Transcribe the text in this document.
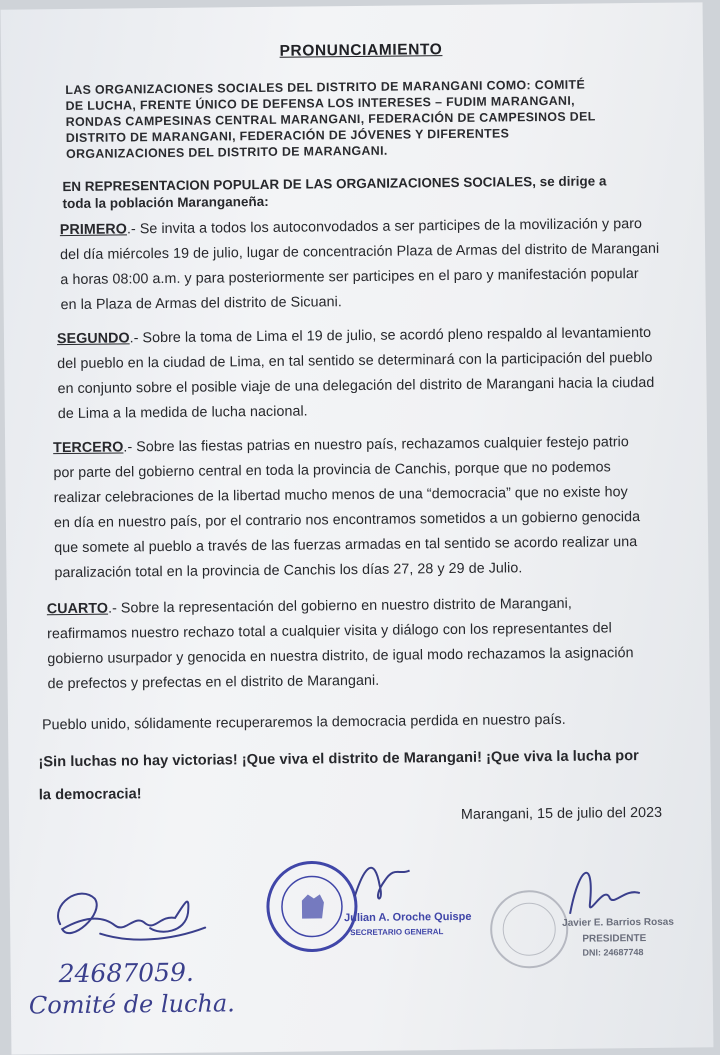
PRONUNCIAMIENTO
LAS ORGANIZACIONES SOCIALES DEL DISTRITO DE MARANGANI COMO: COMITÉ
DE LUCHA, FRENTE ÚNICO DE DEFENSA LOS INTERESES – FUDIM MARANGANI,
RONDAS CAMPESINAS CENTRAL MARANGANI, FEDERACIÓN DE CAMPESINOS DEL
DISTRITO DE MARANGANI, FEDERACIÓN DE JÓVENES Y DIFERENTES
ORGANIZACIONES DEL DISTRITO DE MARANGANI.
EN REPRESENTACION POPULAR DE LAS ORGANIZACIONES SOCIALES, se dirige a
toda la población Maranganeña:
PRIMERO.- Se invita a todos los autoconvodados a ser participes de la movilización y paro
del día miércoles 19 de julio, lugar de concentración Plaza de Armas del distrito de Marangani
a horas 08:00 a.m. y para posteriormente ser participes en el paro y manifestación popular
en la Plaza de Armas del distrito de Sicuani.
SEGUNDO.- Sobre la toma de Lima el 19 de julio, se acordó pleno respaldo al levantamiento
del pueblo en la ciudad de Lima, en tal sentido se determinará con la participación del pueblo
en conjunto sobre el posible viaje de una delegación del distrito de Marangani hacia la ciudad
de Lima a la medida de lucha nacional.
TERCERO.- Sobre las fiestas patrias en nuestro país, rechazamos cualquier festejo patrio
por parte del gobierno central en toda la provincia de Canchis, porque que no podemos
realizar celebraciones de la libertad mucho menos de una “democracia” que no existe hoy
en día en nuestro país, por el contrario nos encontramos sometidos a un gobierno genocida
que somete al pueblo a través de las fuerzas armadas en tal sentido se acordo realizar una
paralización total en la provincia de Canchis los días 27, 28 y 29 de Julio.
CUARTO.- Sobre la representación del gobierno en nuestro distrito de Marangani,
reafirmamos nuestro rechazo total a cualquier visita y diálogo con los representantes del
gobierno usurpador y genocida en nuestra distrito, de igual modo rechazamos la asignación
de prefectos y prefectas en el distrito de Marangani.
Pueblo unido, sólidamente recuperaremos la democracia perdida en nuestro país.
¡Sin luchas no hay victorias! ¡Que viva el distrito de Marangani! ¡Que viva la lucha por
la democracia!
Marangani, 15 de julio del 2023
24687059.
Comité de lucha.
Julian A. Oroche Quispe
SECRETARIO GENERAL
Javier E. Barrios Rosas
PRESIDENTE
DNI: 24687748
